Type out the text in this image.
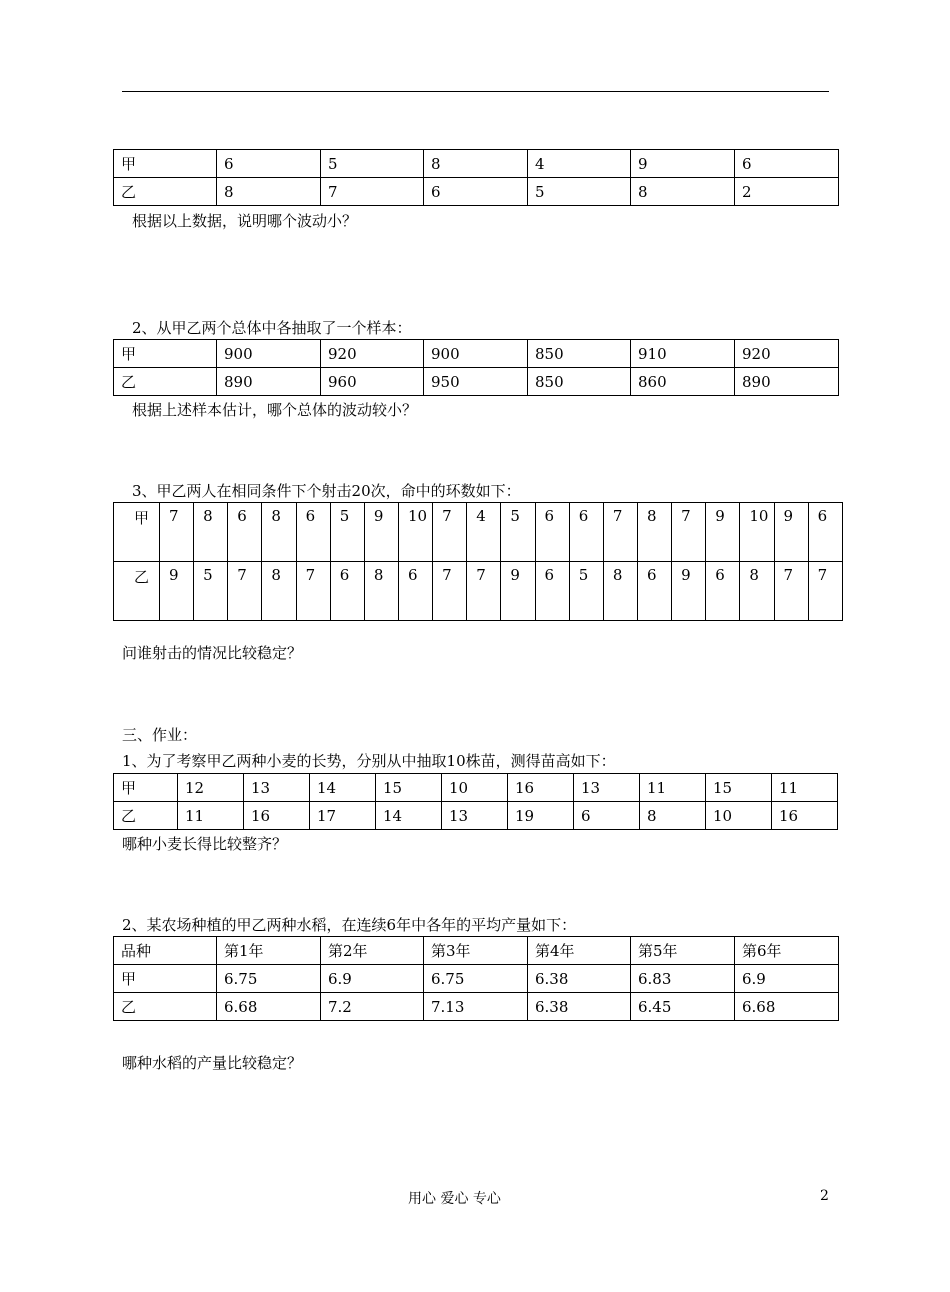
甲	6	5	8	4	9	6
乙	8	7	6	5	8	2
根据以上数据，说明哪个波动小？
2、从甲乙两个总体中各抽取了一个样本：
甲	900	920	900	850	910	920
乙	890	960	950	850	860	890
根据上述样本估计，哪个总体的波动较小？
3、甲乙两人在相同条件下个射击20次，命中的环数如下：
甲	7	8	6	8	6	5	9	10	7	4	5	6	6	7	8	7	9	10	9	6
乙	9	5	7	8	7	6	8	6	7	7	9	6	5	8	6	9	6	8	7	7
问谁射击的情况比较稳定？
三、作业：
1、为了考察甲乙两种小麦的长势，分别从中抽取10株苗，测得苗高如下：
甲	12	13	14	15	10	16	13	11	15	11
乙	11	16	17	14	13	19	6	8	10	16
哪种小麦长得比较整齐？
2、某农场种植的甲乙两种水稻，在连续6年中各年的平均产量如下：
品种	第1年	第2年	第3年	第4年	第5年	第6年
甲	6.75	6.9	6.75	6.38	6.83	6.9
乙	6.68	7.2	7.13	6.38	6.45	6.68
哪种水稻的产量比较稳定？
用心 爱心 专心	2
